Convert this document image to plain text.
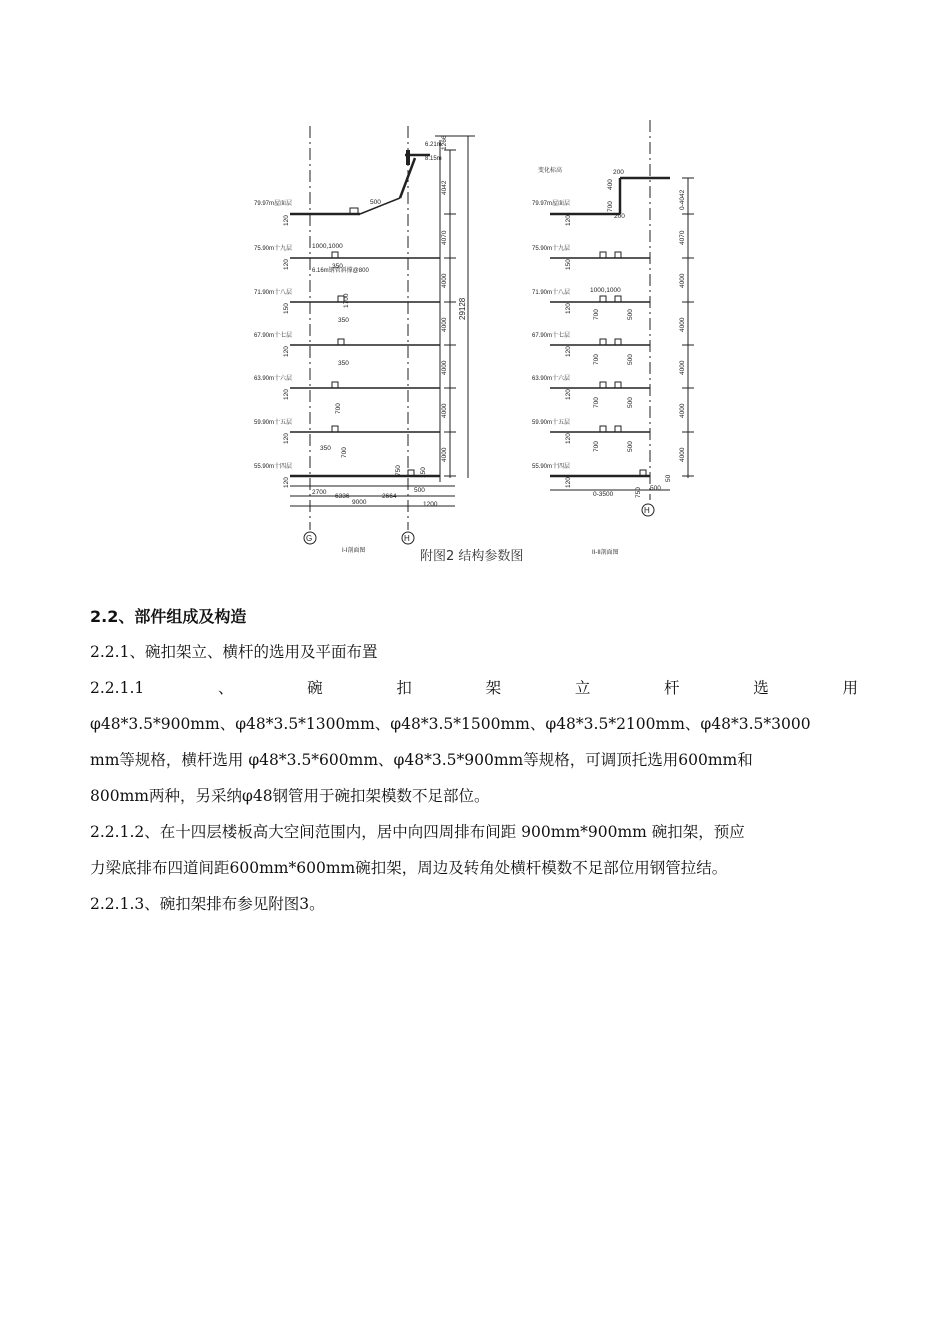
79.97m屋面层
75.90m十九层
71.90m十八层
67.90m十七层
63.90m十六层
59.90m十五层
55.90m十四层
6.21m
8.15m
6.16m钢管斜撑@800
I-I剖面图
G	H
29128
1266
4042
4070
4000
4000
4000
4000
4000
120
120
150
120
120
120
120
500
1000,1000
350
1700
350
350
700
350 700
750	150
500
2700
6336	2664
9000	1200
变化标高
79.97m屋面层
75.90m十九层
71.90m十八层
67.90m十七层
63.90m十六层
59.90m十五层
55.90m十四层
II-II剖面图
H
0-4042
4070
4000
4000
4000
4000
4000
120
150
120
120
120
120
120
200
400
700
200
1000,1000
700	500
700	500
700	500
700	500
50
0-3500	750 500
附图2 结构参数图
2.2、部件组成及构造
2.2.1、碗扣架立、横杆的选用及平面布置
2.2.1.1	、	碗	扣	架	立	杆	选	用
φ48*3.5*900mm、φ48*3.5*1300mm、φ48*3.5*1500mm、φ48*3.5*2100mm、φ48*3.5*3000
mm等规格，横杆选用 φ48*3.5*600mm、φ48*3.5*900mm等规格，可调顶托选用600mm和
800mm两种，另采纳φ48钢管用于碗扣架模数不足部位。
2.2.1.2、在十四层楼板高大空间范围内，居中向四周排布间距 900mm*900mm 碗扣架，预应
力梁底排布四道间距600mm*600mm碗扣架，周边及转角处横杆模数不足部位用钢管拉结。
2.2.1.3、碗扣架排布参见附图3。
